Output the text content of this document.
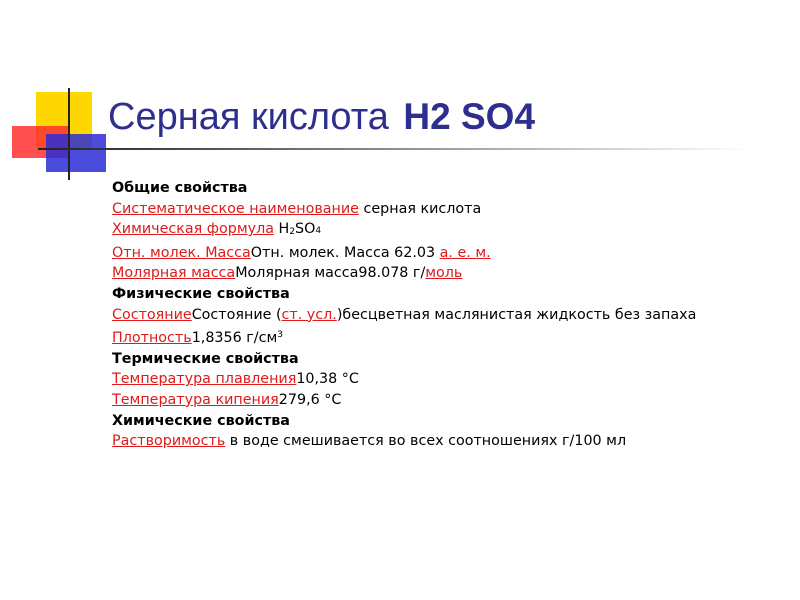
Серная кислота H2 SO4
Общие свойства
Систематическое наименование серная кислота
Химическая формула H2SO4
Отн. молек. МассаОтн. молек. Масса 62.03 а. е. м.
Молярная массаМолярная масса98.078 г/моль
Физические свойства
СостояниеСостояние (ст. усл.)бесцветная маслянистая жидкость без запаха
Плотность1,8356 $г/см^3$
Термические свойства
Температура плавления10,38 °C
Температура кипения279,6 °C
Химические свойства
Растворимость в воде смешивается во всех соотношениях г/100 мл
